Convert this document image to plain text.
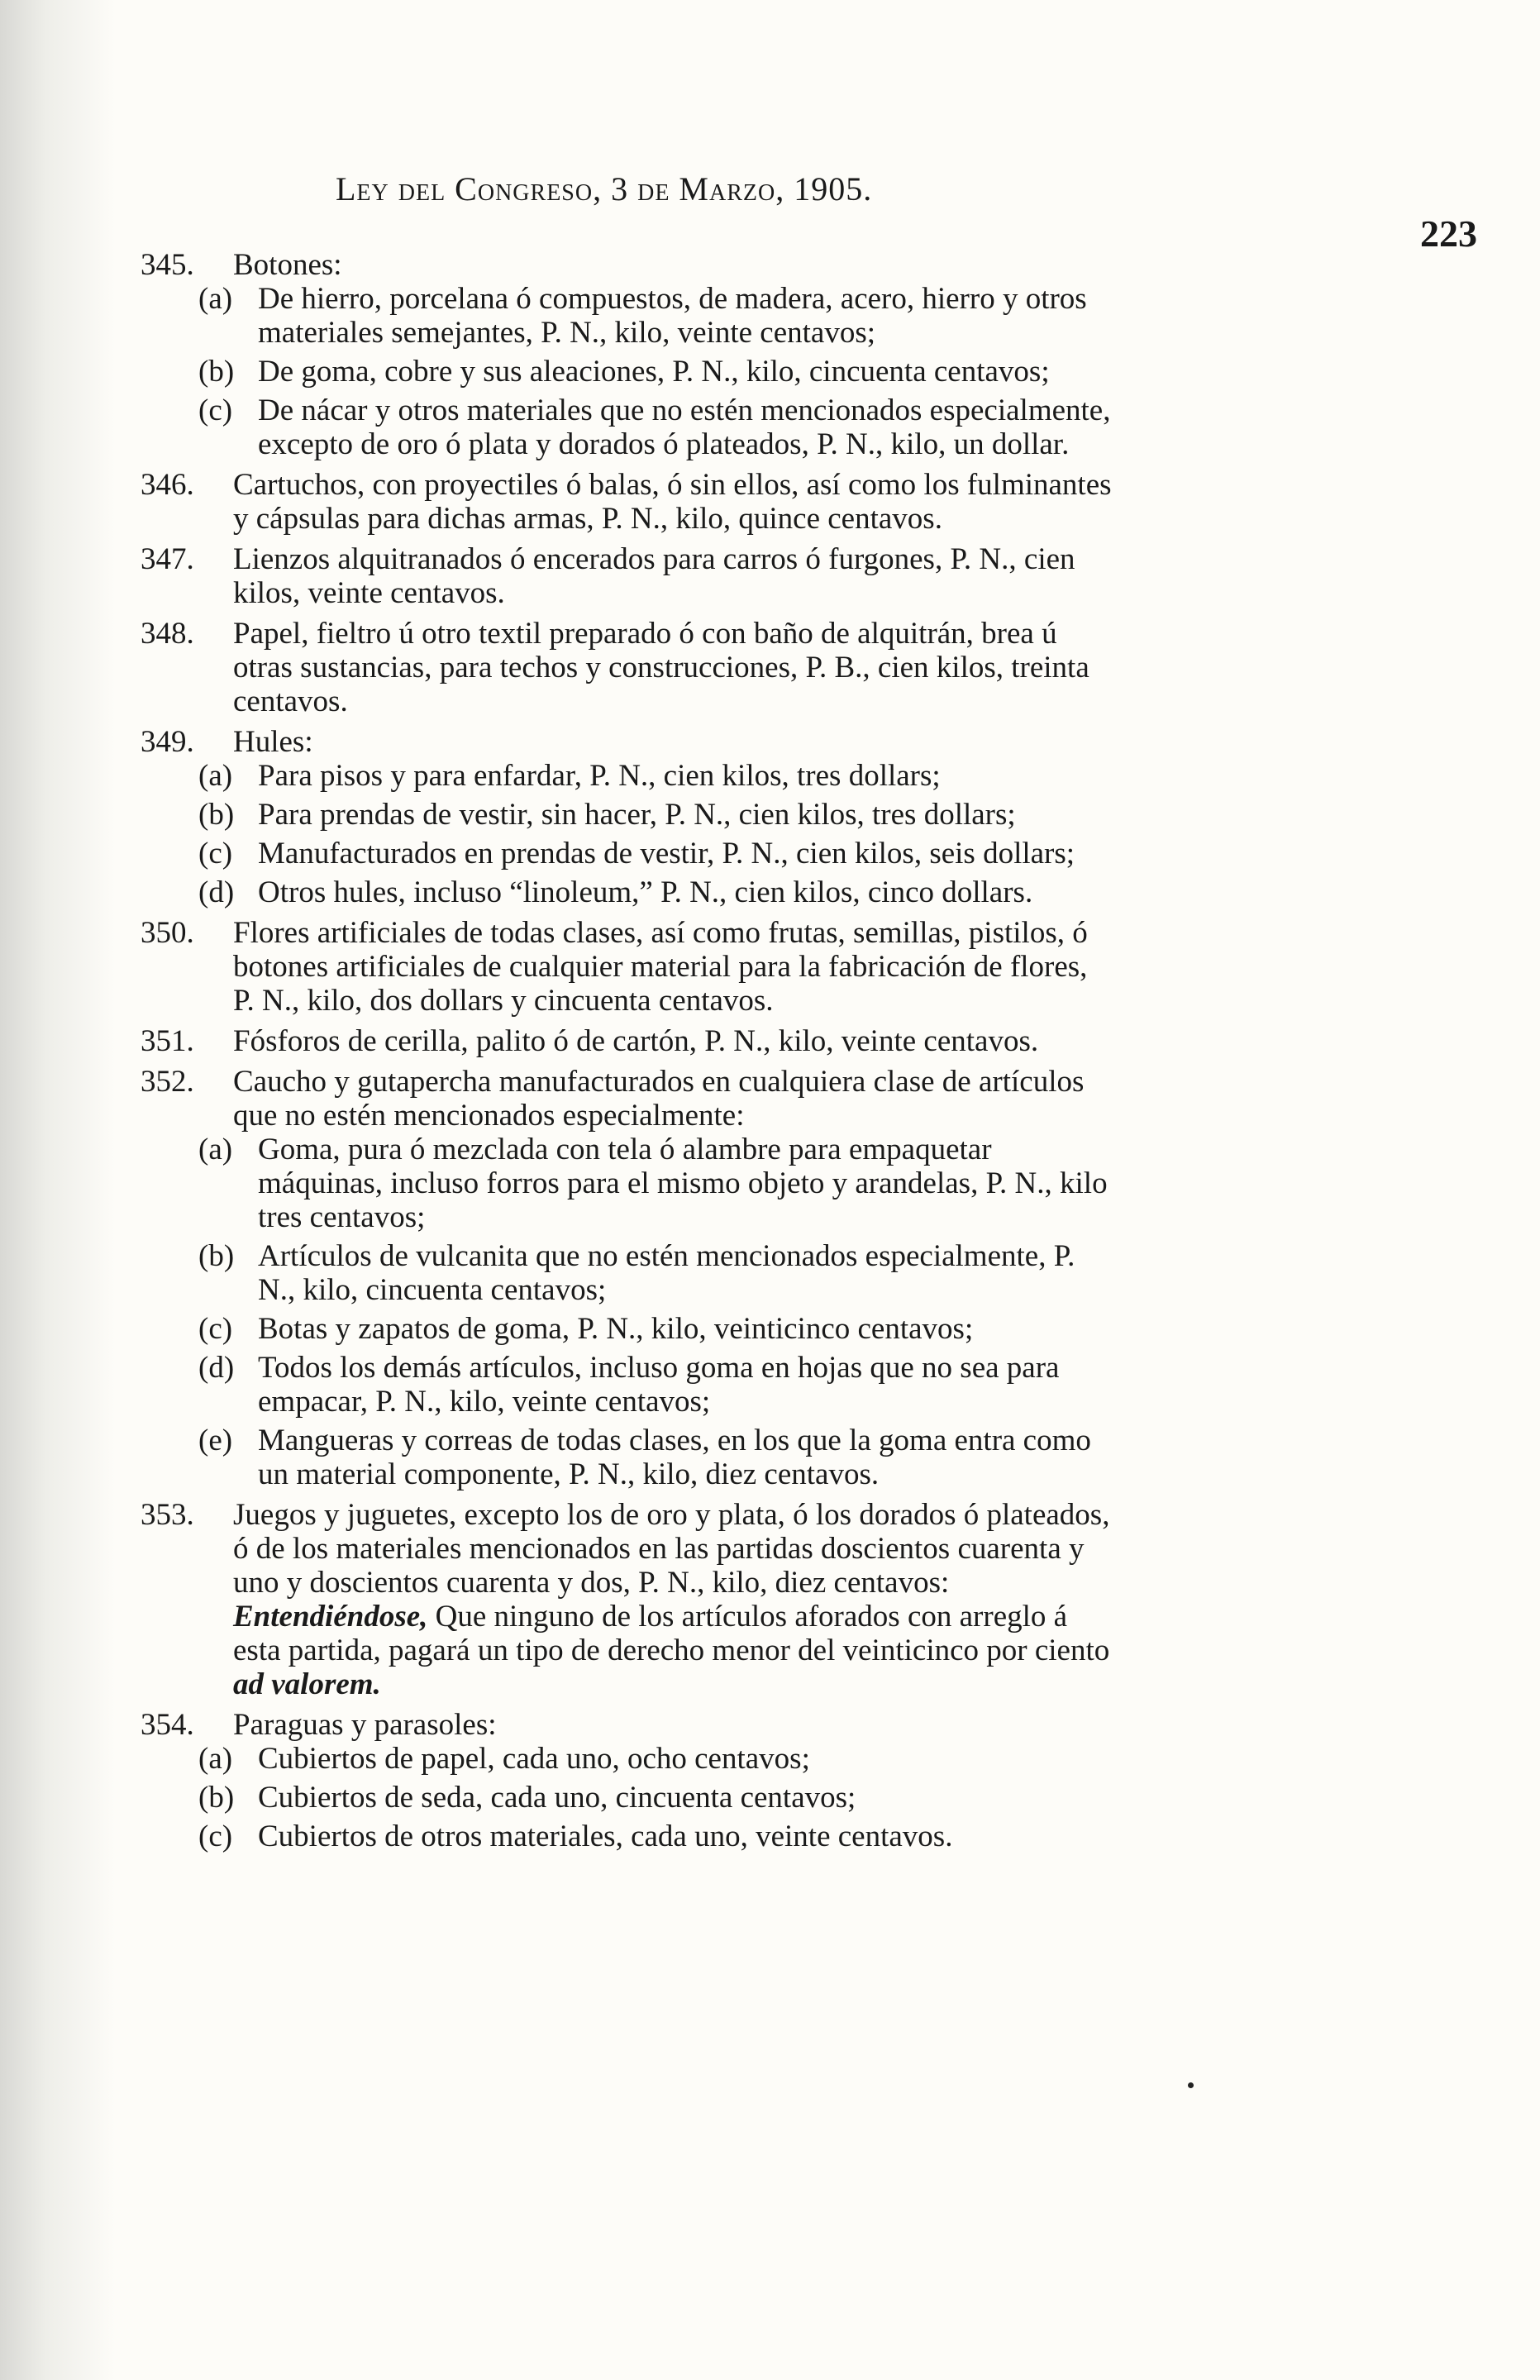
Ley del Congreso, 3 de Marzo, 1905.
223
345. Botones:
(a) De hierro, porcelana ó compuestos, de madera, acero, hierro y otros materiales semejantes, P. N., kilo, veinte centavos;
(b) De goma, cobre y sus aleaciones, P. N., kilo, cincuenta centavos;
(c) De nácar y otros materiales que no estén mencionados especialmente, excepto de oro ó plata y dorados ó plateados, P. N., kilo, un dollar.
346. Cartuchos, con proyectiles ó balas, ó sin ellos, así como los fulminantes y cápsulas para dichas armas, P. N., kilo, quince centavos.
347. Lienzos alquitranados ó encerados para carros ó furgones, P. N., cien kilos, veinte centavos.
348. Papel, fieltro ú otro textil preparado ó con baño de alquitrán, brea ú otras sustancias, para techos y construcciones, P. B., cien kilos, treinta centavos.
349. Hules:
(a) Para pisos y para enfardar, P. N., cien kilos, tres dollars;
(b) Para prendas de vestir, sin hacer, P. N., cien kilos, tres dollars;
(c) Manufacturados en prendas de vestir, P. N., cien kilos, seis dollars;
(d) Otros hules, incluso “linoleum,” P. N., cien kilos, cinco dollars.
350. Flores artificiales de todas clases, así como frutas, semillas, pistilos, ó botones artificiales de cualquier material para la fabricación de flores, P. N., kilo, dos dollars y cincuenta centavos.
351. Fósforos de cerilla, palito ó de cartón, P. N., kilo, veinte centavos.
352. Caucho y gutapercha manufacturados en cualquiera clase de artículos que no estén mencionados especialmente:
(a) Goma, pura ó mezclada con tela ó alambre para empaquetar máquinas, incluso forros para el mismo objeto y arandelas, P. N., kilo tres centavos;
(b) Artículos de vulcanita que no estén mencionados especialmente, P. N., kilo, cincuenta centavos;
(c) Botas y zapatos de goma, P. N., kilo, veinticinco centavos;
(d) Todos los demás artículos, incluso goma en hojas que no sea para empacar, P. N., kilo, veinte centavos;
(e) Mangueras y correas de todas clases, en los que la goma entra como un material componente, P. N., kilo, diez centavos.
353. Juegos y juguetes, excepto los de oro y plata, ó los dorados ó plateados, ó de los materiales mencionados en las partidas doscientos cuarenta y uno y doscientos cuarenta y dos, P. N., kilo, diez centavos: Entendiéndose, Que ninguno de los artículos aforados con arreglo á esta partida, pagará un tipo de derecho menor del veinticinco por ciento ad valorem.
354. Paraguas y parasoles:
(a) Cubiertos de papel, cada uno, ocho centavos;
(b) Cubiertos de seda, cada uno, cincuenta centavos;
(c) Cubiertos de otros materiales, cada uno, veinte centavos.
